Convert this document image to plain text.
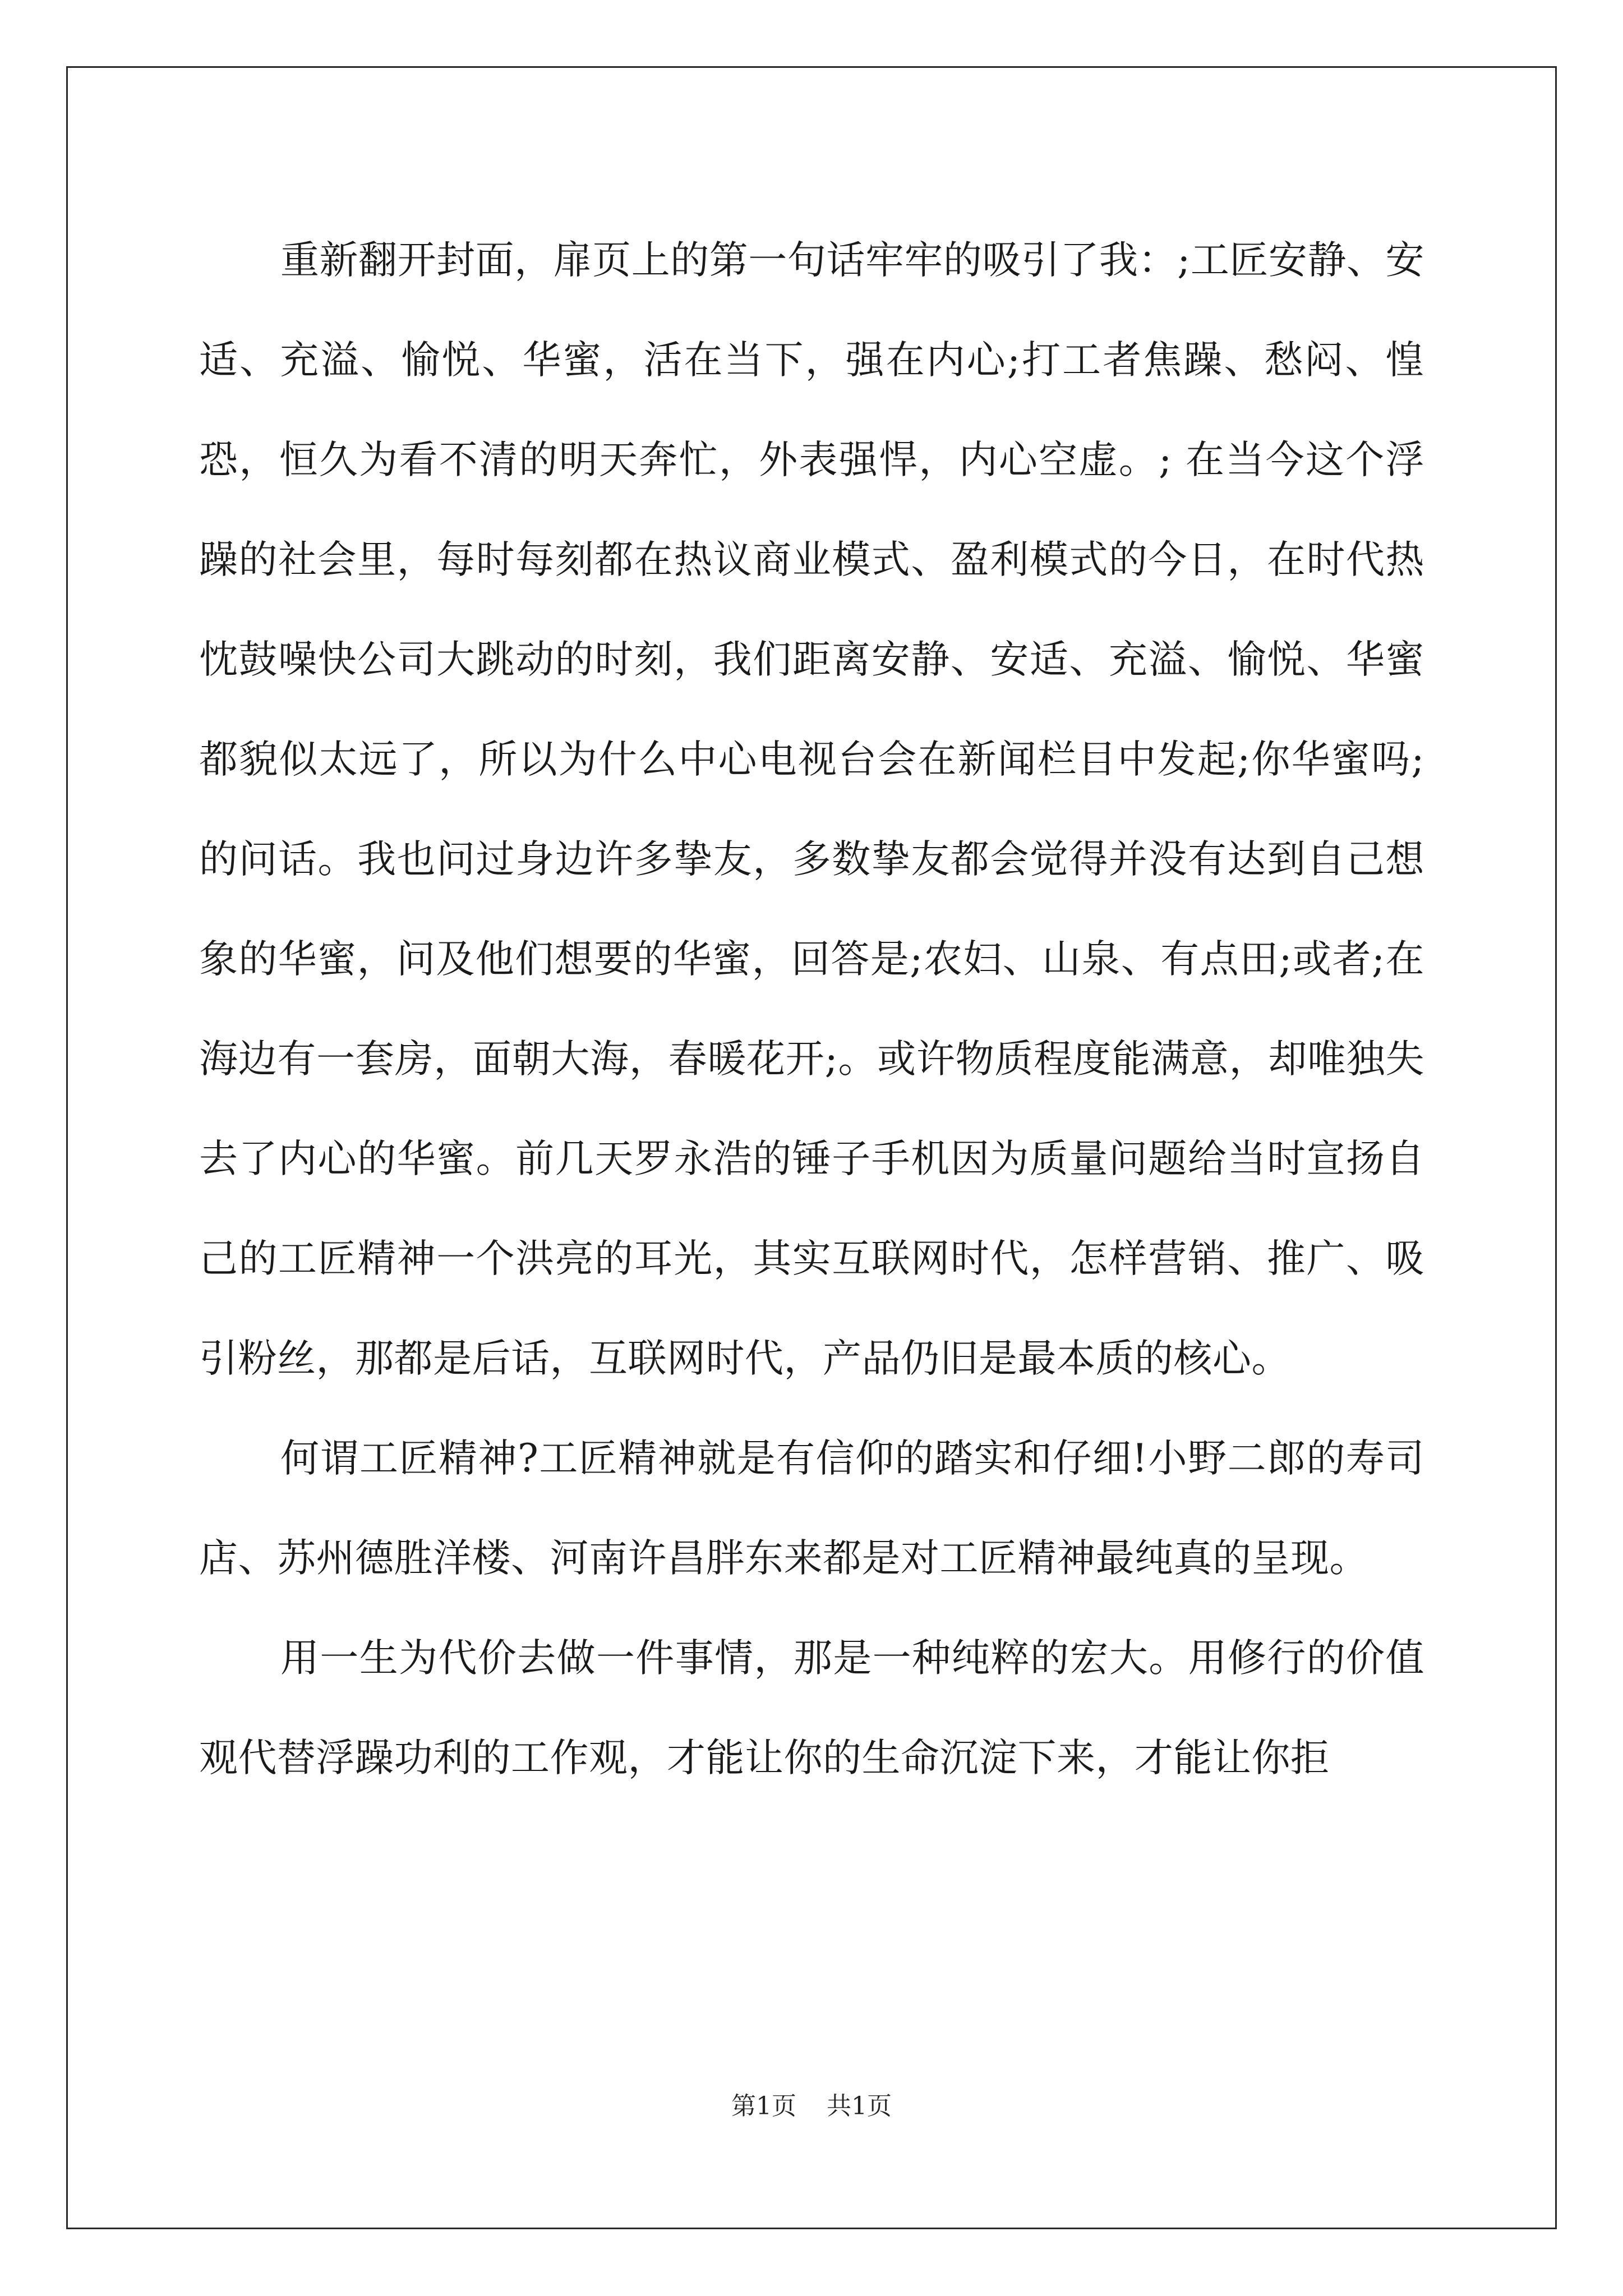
重新翻开封面，扉页上的第一句话牢牢的吸引了我：;工匠安静、安适、充溢、愉悦、华蜜，活在当下，强在内心;打工者焦躁、愁闷、惶恐，恒久为看不清的明天奔忙，外表强悍，内心空虚。; 在当今这个浮躁的社会里，每时每刻都在热议商业模式、盈利模式的今日，在时代热忱鼓噪快公司大跳动的时刻，我们距离安静、安适、充溢、愉悦、华蜜都貌似太远了，所以为什么中心电视台会在新闻栏目中发起;你华蜜吗;的问话。我也问过身边许多挚友，多数挚友都会觉得并没有达到自己想象的华蜜，问及他们想要的华蜜，回答是;农妇、山泉、有点田;或者;在海边有一套房，面朝大海，春暖花开;。或许物质程度能满意，却唯独失去了内心的华蜜。前几天罗永浩的锤子手机因为质量问题给当时宣扬自己的工匠精神一个洪亮的耳光，其实互联网时代，怎样营销、推广、吸引粉丝，那都是后话，互联网时代，产品仍旧是最本质的核心。

何谓工匠精神?工匠精神就是有信仰的踏实和仔细!小野二郎的寿司店、苏州德胜洋楼、河南许昌胖东来都是对工匠精神最纯真的呈现。

用一生为代价去做一件事情，那是一种纯粹的宏大。用修行的价值观代替浮躁功利的工作观，才能让你的生命沉淀下来，才能让你拒

第1页 共1页
